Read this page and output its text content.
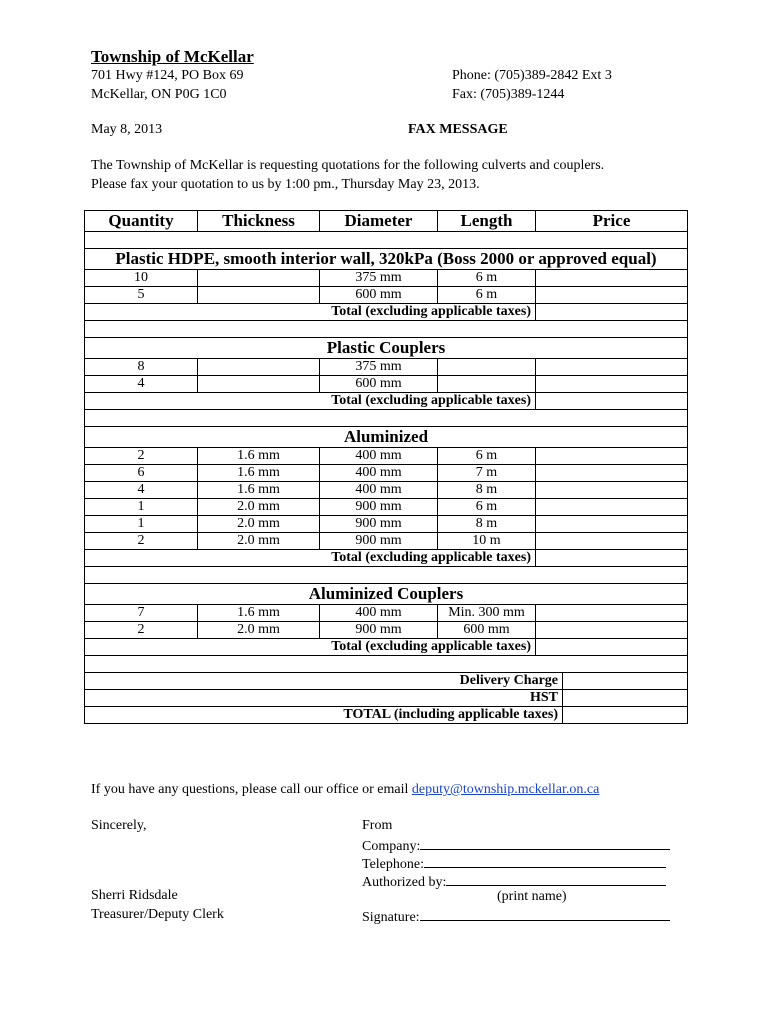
Township of McKellar
701 Hwy #124, PO Box 69
McKellar, ON P0G 1C0
Phone: (705)389-2842 Ext 3
Fax: (705)389-1244
May 8, 2013	FAX MESSAGE
The Township of McKellar is requesting quotations for the following culverts and couplers.
Please fax your quotation to us by 1:00 pm., Thursday May 23, 2013.
Quantity	Thickness	Diameter	Length	Price	

Plastic HDPE, smooth interior wall, 320kPa (Boss 2000 or approved equal)					
10		375 mm	6 m		
5		600 mm	6 m		
Total (excluding applicable taxes)					

Plastic Couplers					
8		375 mm			
4		600 mm			
Total (excluding applicable taxes)					

Aluminized					
2	1.6 mm	400 mm	6 m		
6	1.6 mm	400 mm	7 m		
4	1.6 mm	400 mm	8 m		
1	2.0 mm	900 mm	6 m		
1	2.0 mm	900 mm	8 m		
2	2.0 mm	900 mm	10 m		
Total (excluding applicable taxes)					

Aluminized Couplers					
7	1.6 mm	400 mm	Min. 300 mm		
2	2.0 mm	900 mm	600 mm		
Total (excluding applicable taxes)					

Delivery Charge					
HST					
TOTAL (including applicable taxes)					
If you have any questions, please call our office or email deputy@township.mckellar.on.ca
Sincerely,
Sherri Ridsdale
Treasurer/Deputy Clerk
From
Company:
Telephone:
Authorized by:
(print name)
Signature:
